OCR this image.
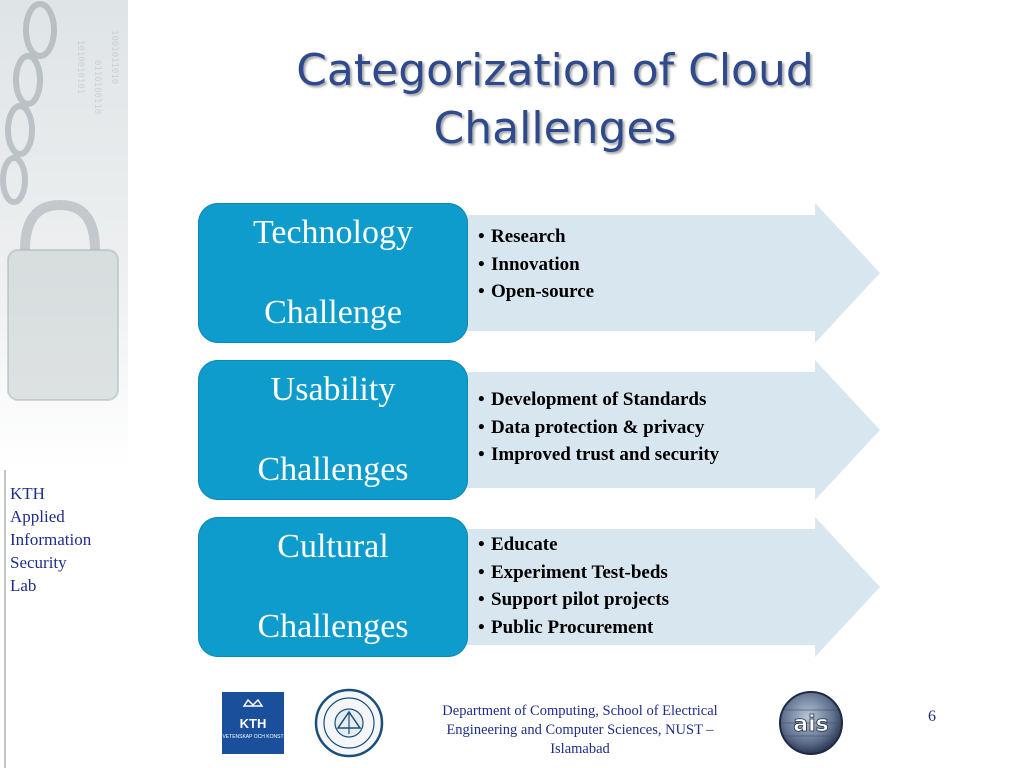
1010010101 0110100110
1001011010
KTH
Applied
Information
Security
Lab
Categorization of Cloud
Challenges
Technology

Challenge
• Research
• Innovation
• Open-source
Usability

Challenges
• Development of Standards
• Data protection & privacy
• Improved trust and security
Cultural

Challenges
• Educate
• Experiment Test-beds
• Support pilot projects
• Public Procurement
KTH
VETENSKAP OCH KONST
Department of Computing, School of Electrical
Engineering and Computer Sciences, NUST –
Islamabad
ais	6
